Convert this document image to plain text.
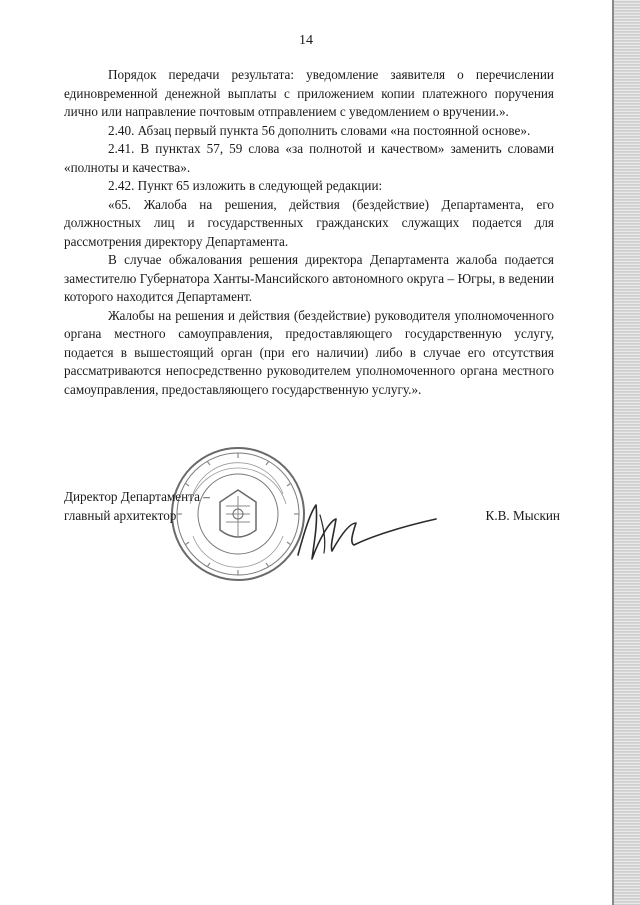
14

Порядок передачи результата: уведомление заявителя о перечислении единовременной денежной выплаты с приложением копии платежного поручения лично или направление почтовым отправлением с уведомлением о вручении.».

2.40. Абзац первый пункта 56 дополнить словами «на постоянной основе».

2.41. В пунктах 57, 59 слова «за полнотой и качеством» заменить словами «полноты и качества».

2.42. Пункт 65 изложить в следующей редакции:

«65. Жалоба на решения, действия (бездействие) Департамента, его должностных лиц и государственных гражданских служащих подается для рассмотрения директору Департамента.

В случае обжалования решения директора Департамента жалоба подается заместителю Губернатора Ханты-Мансийского автономного округа – Югры, в ведении которого находится Департамент.

Жалобы на решения и действия (бездействие) руководителя уполномоченного органа местного самоуправления, предоставляющего государственную услугу, подается в вышестоящий орган (при его наличии) либо в случае его отсутствия рассматриваются непосредственно руководителем уполномоченного органа местного самоуправления, предоставляющего государственную услугу.».

Директор Департамента –
главный архитектор	К.В. Мыскин
